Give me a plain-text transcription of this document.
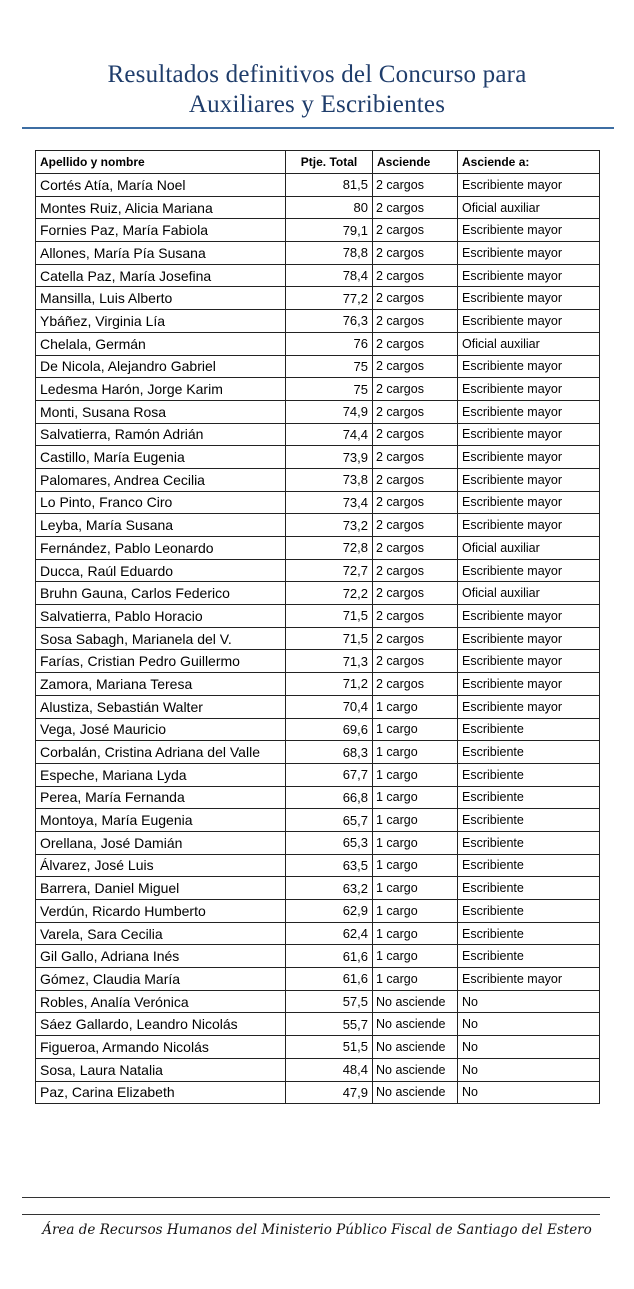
Resultados definitivos del Concurso para
Auxiliares y Escribientes
Apellido y nombre	Ptje. Total	Asciende	Asciende a:
Cortés Atía, María Noel	81,5	2 cargos	Escribiente mayor
Montes Ruiz, Alicia Mariana	80	2 cargos	Oficial auxiliar
Fornies Paz, María Fabiola	79,1	2 cargos	Escribiente mayor
Allones, María Pía Susana	78,8	2 cargos	Escribiente mayor
Catella Paz, María Josefina	78,4	2 cargos	Escribiente mayor
Mansilla, Luis Alberto	77,2	2 cargos	Escribiente mayor
Ybáñez, Virginia Lía	76,3	2 cargos	Escribiente mayor
Chelala, Germán	76	2 cargos	Oficial auxiliar
De Nicola, Alejandro Gabriel	75	2 cargos	Escribiente mayor
Ledesma Harón, Jorge Karim	75	2 cargos	Escribiente mayor
Monti, Susana Rosa	74,9	2 cargos	Escribiente mayor
Salvatierra, Ramón Adrián	74,4	2 cargos	Escribiente mayor
Castillo, María Eugenia	73,9	2 cargos	Escribiente mayor
Palomares, Andrea Cecilia	73,8	2 cargos	Escribiente mayor
Lo Pinto, Franco Ciro	73,4	2 cargos	Escribiente mayor
Leyba, María Susana	73,2	2 cargos	Escribiente mayor
Fernández, Pablo Leonardo	72,8	2 cargos	Oficial auxiliar
Ducca, Raúl Eduardo	72,7	2 cargos	Escribiente mayor
Bruhn Gauna, Carlos Federico	72,2	2 cargos	Oficial auxiliar
Salvatierra, Pablo Horacio	71,5	2 cargos	Escribiente mayor
Sosa Sabagh, Marianela del V.	71,5	2 cargos	Escribiente mayor
Farías, Cristian Pedro Guillermo	71,3	2 cargos	Escribiente mayor
Zamora, Mariana Teresa	71,2	2 cargos	Escribiente mayor
Alustiza, Sebastián Walter	70,4	1 cargo	Escribiente mayor
Vega, José Mauricio	69,6	1 cargo	Escribiente
Corbalán, Cristina Adriana del Valle	68,3	1 cargo	Escribiente
Espeche, Mariana Lyda	67,7	1 cargo	Escribiente
Perea, María Fernanda	66,8	1 cargo	Escribiente
Montoya, María Eugenia	65,7	1 cargo	Escribiente
Orellana, José Damián	65,3	1 cargo	Escribiente
Álvarez, José Luis	63,5	1 cargo	Escribiente
Barrera, Daniel Miguel	63,2	1 cargo	Escribiente
Verdún, Ricardo Humberto	62,9	1 cargo	Escribiente
Varela, Sara Cecilia	62,4	1 cargo	Escribiente
Gil Gallo, Adriana Inés	61,6	1 cargo	Escribiente
Gómez, Claudia María	61,6	1 cargo	Escribiente mayor
Robles, Analía Verónica	57,5	No asciende	No
Sáez Gallardo, Leandro Nicolás	55,7	No asciende	No
Figueroa, Armando Nicolás	51,5	No asciende	No
Sosa, Laura Natalia	48,4	No asciende	No
Paz, Carina Elizabeth	47,9	No asciende	No
Área de Recursos Humanos del Ministerio Público Fiscal de Santiago del Estero
